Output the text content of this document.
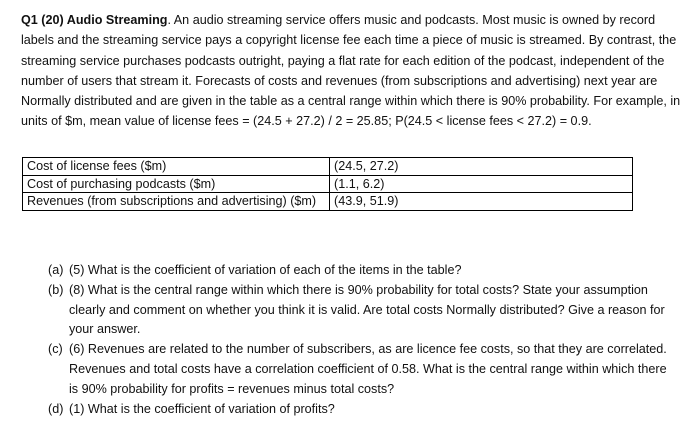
Q1 (20) Audio Streaming. An audio streaming service offers music and podcasts. Most music is owned by record labels and the streaming service pays a copyright license fee each time a piece of music is streamed. By contrast, the streaming service purchases podcasts outright, paying a flat rate for each edition of the podcast, independent of the number of users that stream it. Forecasts of costs and revenues (from subscriptions and advertising) next year are Normally distributed and are given in the table as a central range within which there is 90% probability. For example, in units of $m, mean value of license fees = (24.5 + 27.2) / 2 = 25.85; P(24.5 < license fees < 27.2) = 0.9.
Cost of license fees ($m)	(24.5, 27.2)
Cost of purchasing podcasts ($m)	(1.1, 6.2)
Revenues (from subscriptions and advertising) ($m)	(43.9, 51.9)
(a) (5) What is the coefficient of variation of each of the items in the table?
(b) (8) What is the central range within which there is 90% probability for total costs? State your assumption clearly and comment on whether you think it is valid. Are total costs Normally distributed? Give a reason for your answer.
(c) (6) Revenues are related to the number of subscribers, as are licence fee costs, so that they are correlated. Revenues and total costs have a correlation coefficient of 0.58. What is the central range within which there is 90% probability for profits = revenues minus total costs?
(d) (1) What is the coefficient of variation of profits?
